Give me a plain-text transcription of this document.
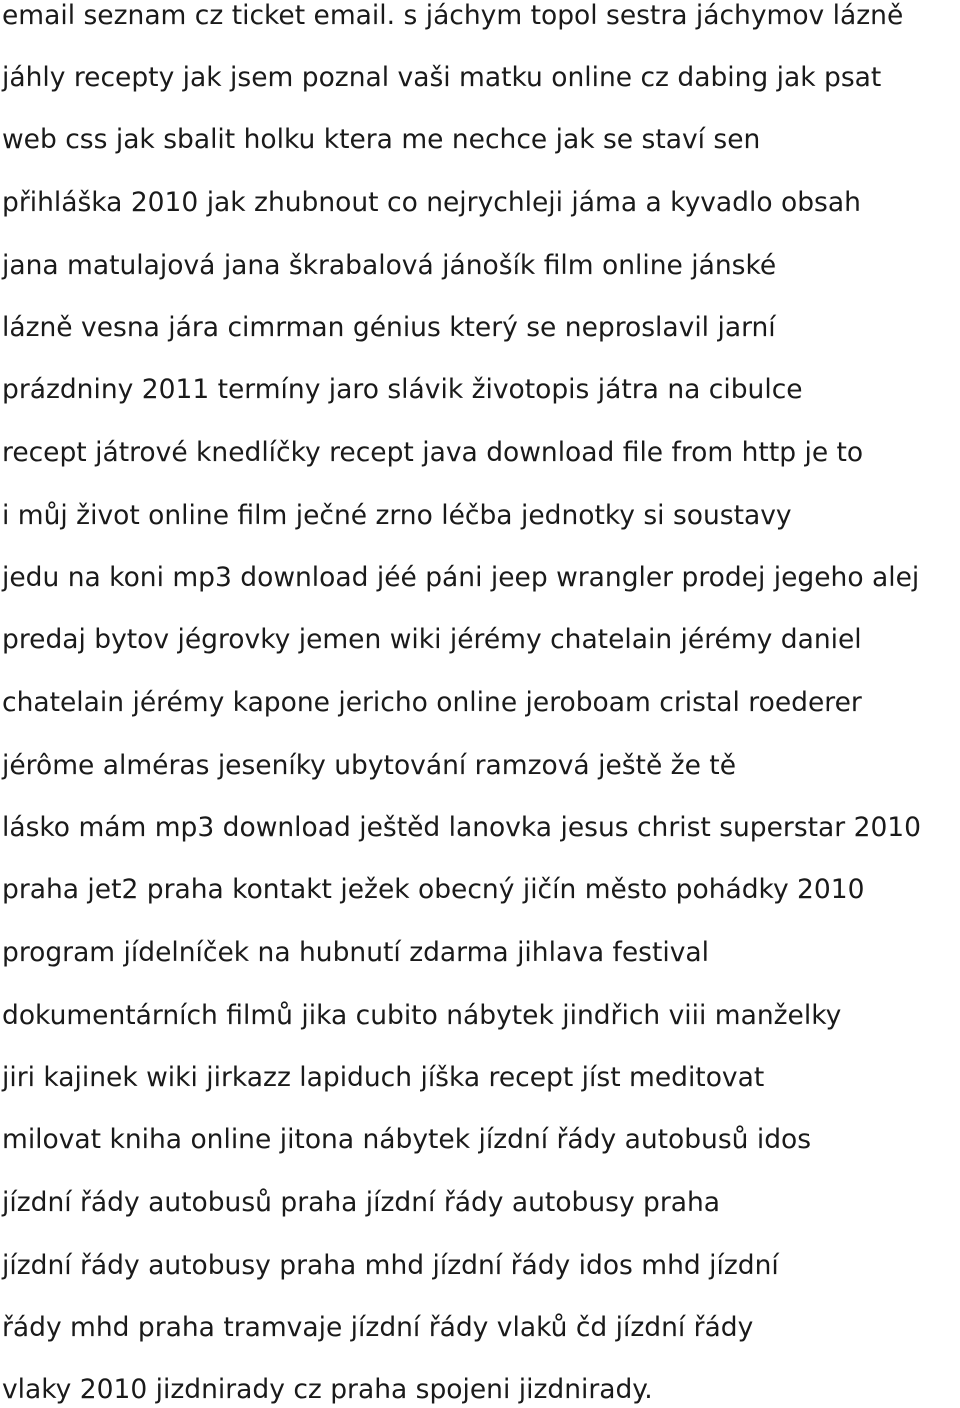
email seznam cz ticket email. s jáchym topol sestra jáchymov lázně

jáhly recepty jak jsem poznal vaši matku online cz dabing jak psat

web css jak sbalit holku ktera me nechce jak se staví sen

přihláška 2010 jak zhubnout co nejrychleji jáma a kyvadlo obsah

jana matulajová jana škrabalová jánošík film online jánské

lázně vesna jára cimrman génius který se neproslavil jarní

prázdniny 2011 termíny jaro slávik životopis játra na cibulce

recept játrové knedlíčky recept java download file from http je to

i můj život online film ječné zrno léčba jednotky si soustavy

jedu na koni mp3 download jéé páni jeep wrangler prodej jegeho alej

predaj bytov jégrovky jemen wiki jérémy chatelain jérémy daniel

chatelain jérémy kapone jericho online jeroboam cristal roederer

jérôme alméras jeseníky ubytování ramzová ještě že tě

lásko mám mp3 download ještěd lanovka jesus christ superstar 2010

praha jet2 praha kontakt ježek obecný jičín město pohádky 2010

program jídelníček na hubnutí zdarma jihlava festival

dokumentárních filmů jika cubito nábytek jindřich viii manželky

jiri kajinek wiki jirkazz lapiduch jíška recept jíst meditovat

milovat kniha online jitona nábytek jízdní řády autobusů idos

jízdní řády autobusů praha jízdní řády autobusy praha

jízdní řády autobusy praha mhd jízdní řády idos mhd jízdní

řády mhd praha tramvaje jízdní řády vlaků čd jízdní řády

vlaky 2010 jizdnirady cz praha spojeni jizdnirady.
